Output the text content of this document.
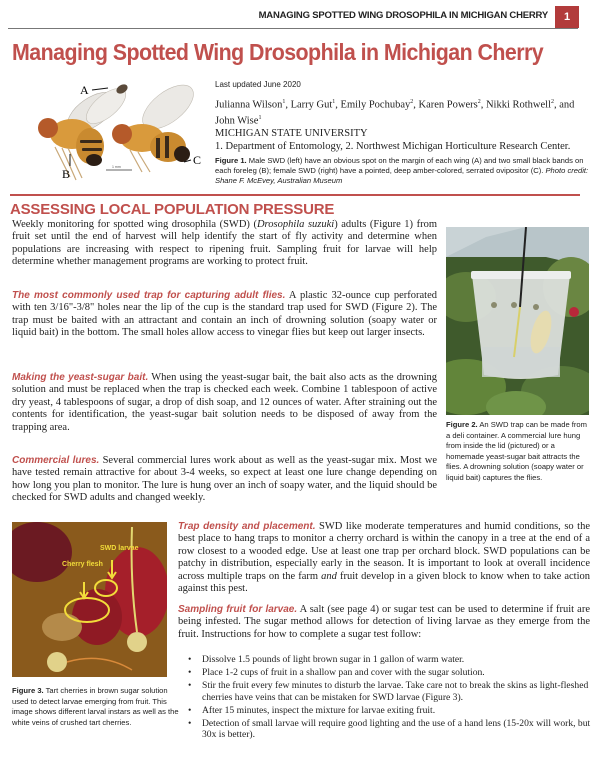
MANAGING SPOTTED WING DROSOPHILA IN MICHIGAN CHERRY	1
Managing Spotted Wing Drosophila in Michigan Cherry
A
B
C
1 mm
Last updated June 2020
Julianna Wilson$^1$, Larry Gut$^1$, Emily Pochubay$^2$, Karen Powers$^2$, Nikki Rothwell$^2$, and John Wise$^1$
MICHIGAN STATE UNIVERSITY
1. Department of Entomology, 2. Northwest Michigan Horticulture Research Center.
Figure 1. Male SWD (left) have an obvious spot on the margin of each wing (A) and two small black bands on each foreleg (B); female SWD (right) have a pointed, deep amber-colored, serrated ovipositor (C). Photo credit: Shane F. McEvey, Australian Museum
ASSESSING LOCAL POPULATION PRESSURE
Weekly monitoring for spotted wing drosophila (SWD) (Drosophila suzuki) adults (Figure 1) from fruit set until the end of harvest will help identify the start of fly activity and determine when populations are increasing with respect to ripening fruit. Sampling fruit for larvae will help determine whether management programs are working to protect fruit.
The most commonly used trap for capturing adult flies. A plastic 32-ounce cup perforated with ten 3/16"-3/8" holes near the lip of the cup is the standard trap used for SWD (Figure 2). The trap must be baited with an attractant and contain an inch of drowning solution (soapy water or liquid bait) in the bottom. The small holes allow access to vinegar flies but keep out larger insects.
Making the yeast-sugar bait. When using the yeast-sugar bait, the bait also acts as the drowning solution and must be replaced when the trap is checked each week. Combine 1 tablespoon of active dry yeast, 4 tablespoons of sugar, a drop of dish soap, and 12 ounces of water. After straining out the contents for identification, the yeast-sugar bait solution needs to be disposed of away from the trapping area.
Commercial lures. Several commercial lures work about as well as the yeast-sugar mix. Most we have tested remain attractive for about 3-4 weeks, so expect at least one lure change depending on how long you plan to monitor. The lure is hung over an inch of soapy water, and the liquid should be checked for SWD adults and changed weekly.
Figure 2. An SWD trap can be made from a deli container. A commercial lure hung from inside the lid (pictured) or a homemade yeast-sugar bait attracts the flies. A drowning solution (soapy water or liquid bait) captures the flies.
SWD larvae
Cherry flesh
Figure 3. Tart cherries in brown sugar solution used to detect larvae emerging from fruit. This image shows different larval instars as well as the white veins of crushed tart cherries.
Trap density and placement. SWD like moderate temperatures and humid conditions, so the best place to hang traps to monitor a cherry orchard is within the canopy in a tree at the end of a row closest to a wooded edge. Use at least one trap per orchard block. SWD populations can be patchy in distribution, especially early in the season. It is important to look at overall incidence across multiple traps on the farm and fruit develop in a given block to know when to take action against this pest.
Sampling fruit for larvae. A salt (see page 4) or sugar test can be used to determine if fruit are being infested. The sugar method allows for detection of living larvae as they emerge from the fruit. Instructions for how to complete a sugar test follow:
• Dissolve 1.5 pounds of light brown sugar in 1 gallon of warm water.
• Place 1-2 cups of fruit in a shallow pan and cover with the sugar solution.
• Stir the fruit every few minutes to disturb the larvae. Take care not to break the skins as light-fleshed cherries have veins that can be mistaken for SWD larvae (Figure 3).
• After 15 minutes, inspect the mixture for larvae exiting fruit.
• Detection of small larvae will require good lighting and the use of a hand lens (15-20x will work, but 30x is better).
